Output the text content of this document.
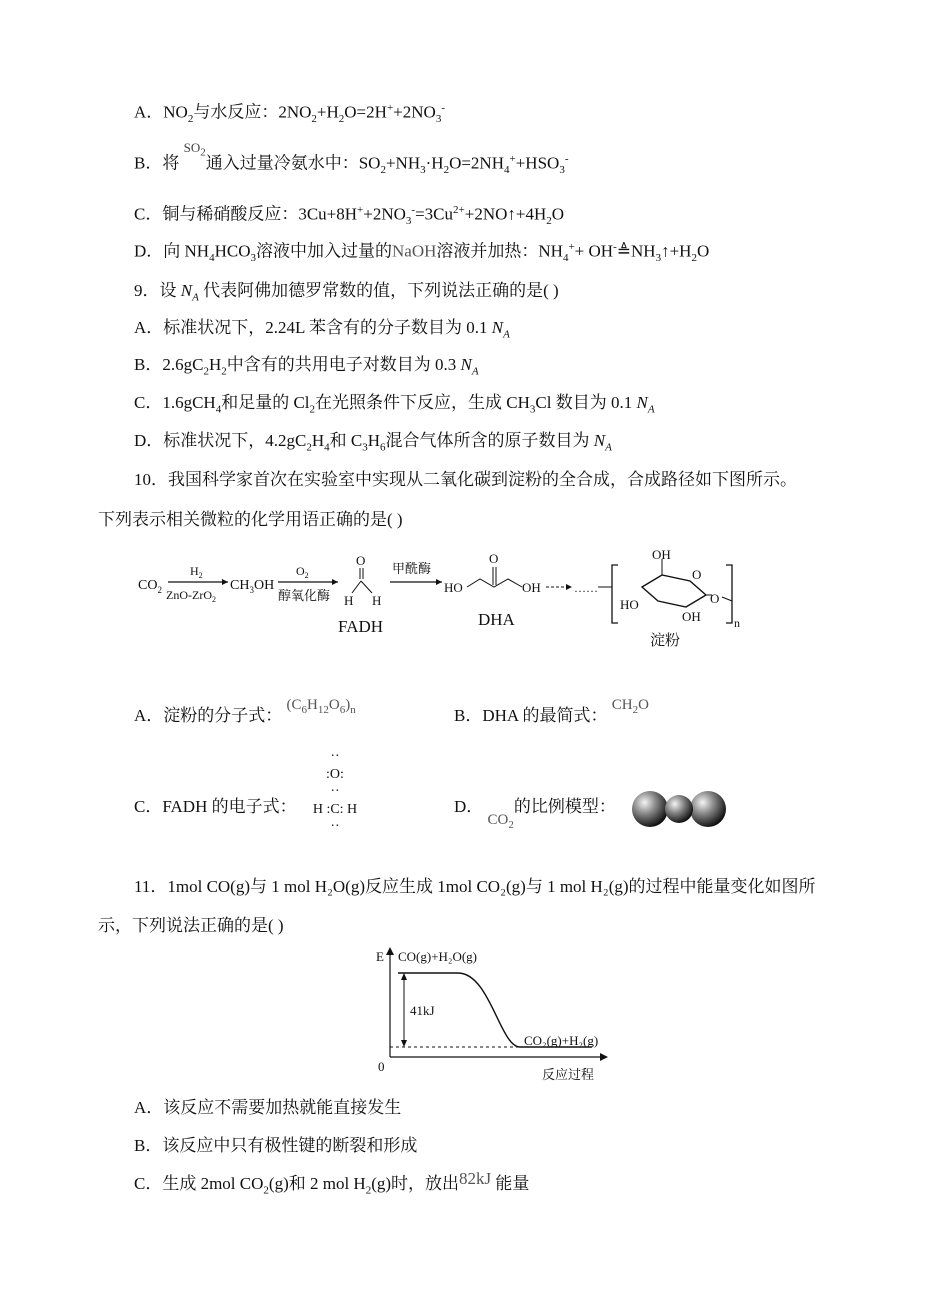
A．$NO_2$与水反应：$2NO_2+H_2O=2H^++2NO_3^-$
B．将 $^{SO_2}$通入过量冷氨水中：$SO_2+NH_3\cdot H_2O=2NH_4^++HSO_3^-$
C．铜与稀硝酸反应：$3Cu+8H^++2NO_3^-=3Cu^{2+}+2NO↑+4H_2O$
D．向 $NH_4HCO_3$溶液中加入过量的NaOH溶液并加热：$NH_4^++$ $OH^-≜NH_3↑+H_2O$
9．设 $N_A$ 代表阿佛加德罗常数的值，下列说法正确的是( )
A．标准状况下，2.24L 苯含有的分子数目为 0.1 $N_A$
B．$2.6gC_2H_2$中含有的共用电子对数目为 0.3 $N_A$
C．1.6gCH$_4$和足量的 $Cl_2$在光照条件下反应，生成 $CH_3Cl$ 数目为 0.1 $N_A$
D．标准状况下，$4.2gC_2H_4$和 $C_3H_6$混合气体所含的原子数目为 $N_A$
10．我国科学家首次在实验室中实现从二氧化碳到淀粉的全合成，合成路径如下图所示。
下列表示相关微粒的化学用语正确的是( )
$CO_2$
$H_2$
ZnO-ZrO$_2$
$CH_3OH$
$O_2$
醇氧化酶
O
H H
FADH
甲酰酶
HO
O
OH
DHA
……
n
O
OH
HO
OH
O
淀粉
A．淀粉的分子式： $(C_6H_{12}O_6)_n$	B．DHA 的最简式： $CH_2O$
C．FADH 的电子式：
··
:O:
··
H :C: H
··
D． $CO_2$的比例模型：
11．1mol CO(g)与 1 mol H₂O(g)反应生成 1mol CO₂(g)与 1 mol H₂(g)的过程中能量变化如图所
示，下列说法正确的是( )
E
0
反应过程
41kJ
CO(g)+H₂O(g)
CO₂(g)+H₂(g)
A．该反应不需要加热就能直接发生
B．该反应中只有极性键的断裂和形成
C．生成 2mol $CO_2(g)$和 2 mol $H_2(g)$时，放出82kJ 能量
